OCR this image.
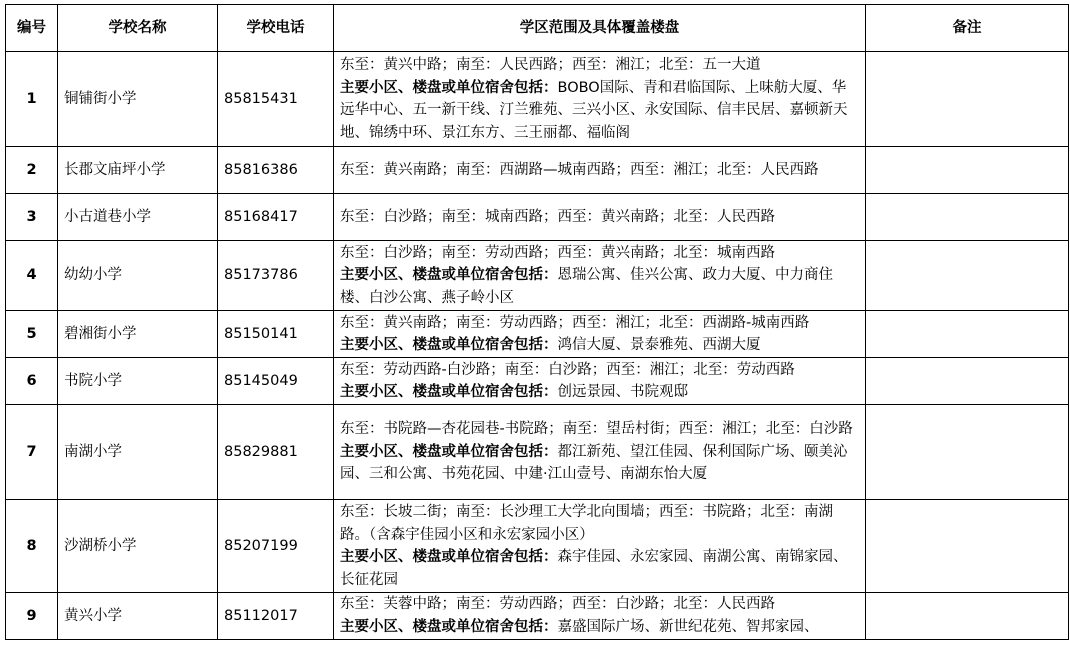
编号	学校名称	学校电话	学区范围及具体覆盖楼盘	备注
1	铜铺街小学	85815431	东至：黄兴中路；南至：人民西路；西至：湘江；北至：五一大道
主要小区、楼盘或单位宿舍包括：BOBO国际、青和君临国际、上味舫大厦、华远华中心、五一新干线、汀兰雅苑、三兴小区、永安国际、信丰民居、嘉顿新天地、锦绣中环、景江东方、三王丽都、福临阁	
2	长郡文庙坪小学	85816386	东至：黄兴南路；南至：西湖路—城南西路；西至：湘江；北至：人民西路	
3	小古道巷小学	85168417	东至：白沙路；南至：城南西路；西至：黄兴南路；北至：人民西路	
4	幼幼小学	85173786	东至：白沙路；南至：劳动西路；西至：黄兴南路；北至：城南西路
主要小区、楼盘或单位宿舍包括：恩瑞公寓、佳兴公寓、政力大厦、中力商住楼、白沙公寓、燕子岭小区	
5	碧湘街小学	85150141	东至：黄兴南路；南至：劳动西路；西至：湘江；北至：西湖路-城南西路
主要小区、楼盘或单位宿舍包括：鸿信大厦、景泰雅苑、西湖大厦	
6	书院小学	85145049	东至：劳动西路-白沙路；南至：白沙路；西至：湘江；北至：劳动西路
主要小区、楼盘或单位宿舍包括：创远景园、书院观邸	
7	南湖小学	85829881	东至：书院路—杏花园巷-书院路；南至：望岳村街；西至：湘江；北至：白沙路
主要小区、楼盘或单位宿舍包括：都江新苑、望江佳园、保利国际广场、颐美沁园、三和公寓、书苑花园、中建·江山壹号、南湖东怡大厦	
8	沙湖桥小学	85207199	东至：长坡二街；南至：长沙理工大学北向围墙；西至：书院路；北至：南湖路。（含森宇佳园小区和永宏家园小区）
主要小区、楼盘或单位宿舍包括：森宇佳园、永宏家园、南湖公寓、南锦家园、长征花园	
9	黄兴小学	85112017	东至：芙蓉中路；南至：劳动西路；西至：白沙路；北至：人民西路
主要小区、楼盘或单位宿舍包括：嘉盛国际广场、新世纪花苑、智邦家园、	
